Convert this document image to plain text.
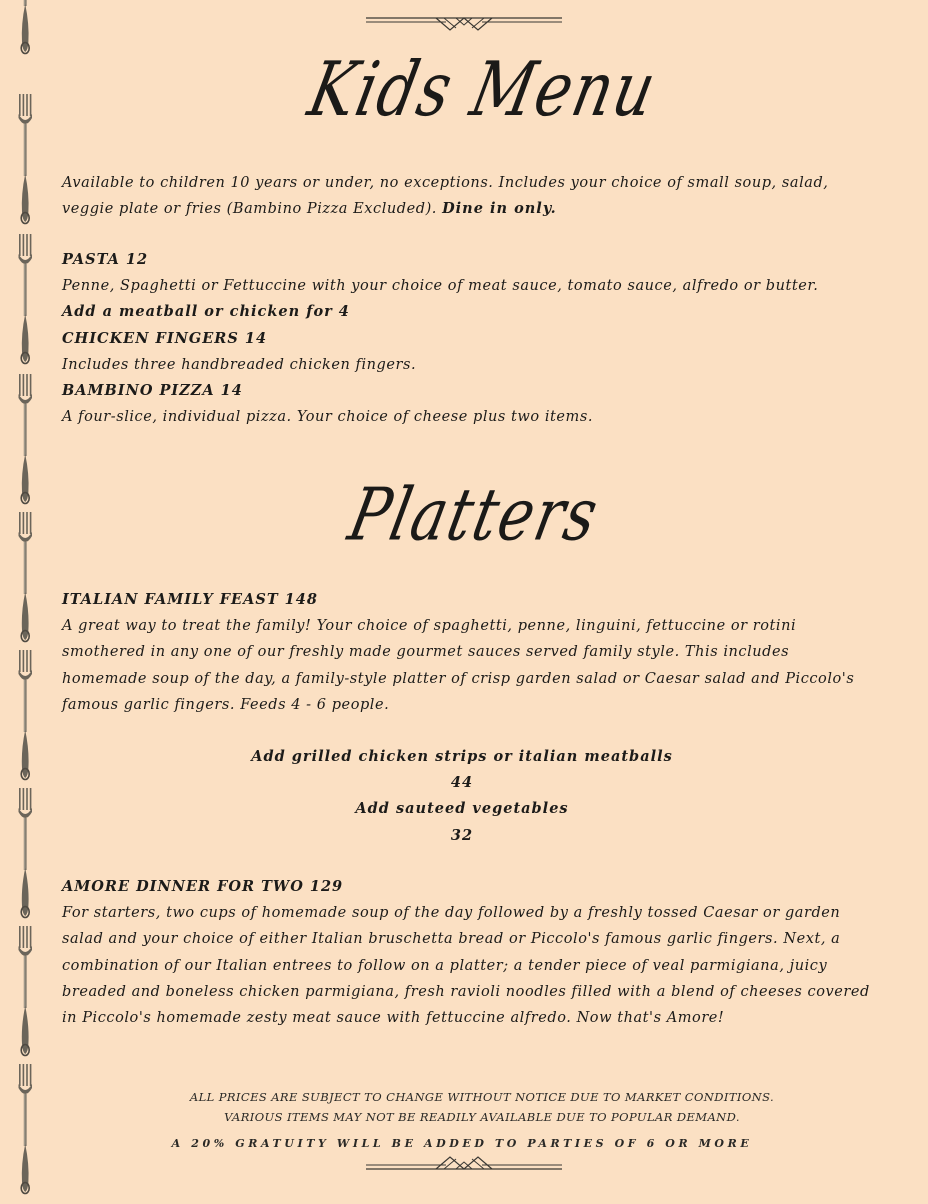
Kids Menu

Available to children 10 years or under, no exceptions. Includes your choice of small soup, salad, veggie plate or fries (Bambino Pizza Excluded). Dine in only.

PASTA 12

Penne, Spaghetti or Fettuccine with your choice of meat sauce, tomato sauce, alfredo or butter.

Add a meatball or chicken for 4

CHICKEN FINGERS 14

Includes three handbreaded chicken fingers.

BAMBINO PIZZA 14

A four-slice, individual pizza. Your choice of cheese plus two items.

Platters

ITALIAN FAMILY FEAST 148

A great way to treat the family! Your choice of spaghetti, penne, linguini, fettuccine or rotini smothered in any one of our freshly made gourmet sauces served family style. This includes homemade soup of the day, a family-style platter of crisp garden salad or Caesar salad and Piccolo's famous garlic fingers. Feeds 4 - 6 people.

Add grilled chicken strips or italian meatballs

44

Add sauteed vegetables

32

AMORE DINNER FOR TWO 129

For starters, two cups of homemade soup of the day followed by a freshly tossed Caesar or garden salad and your choice of either Italian bruschetta bread or Piccolo's famous garlic fingers. Next, a combination of our Italian entrees to follow on a platter; a tender piece of veal parmigiana, juicy breaded and boneless chicken parmigiana, fresh ravioli noodles filled with a blend of cheeses covered in Piccolo's homemade zesty meat sauce with fettuccine alfredo. Now that's Amore!

ALL PRICES ARE SUBJECT TO CHANGE WITHOUT NOTICE DUE TO MARKET CONDITIONS.
VARIOUS ITEMS MAY NOT BE READILY AVAILABLE DUE TO POPULAR DEMAND.
A 20% GRATUITY WILL BE ADDED TO PARTIES OF 6 OR MORE
